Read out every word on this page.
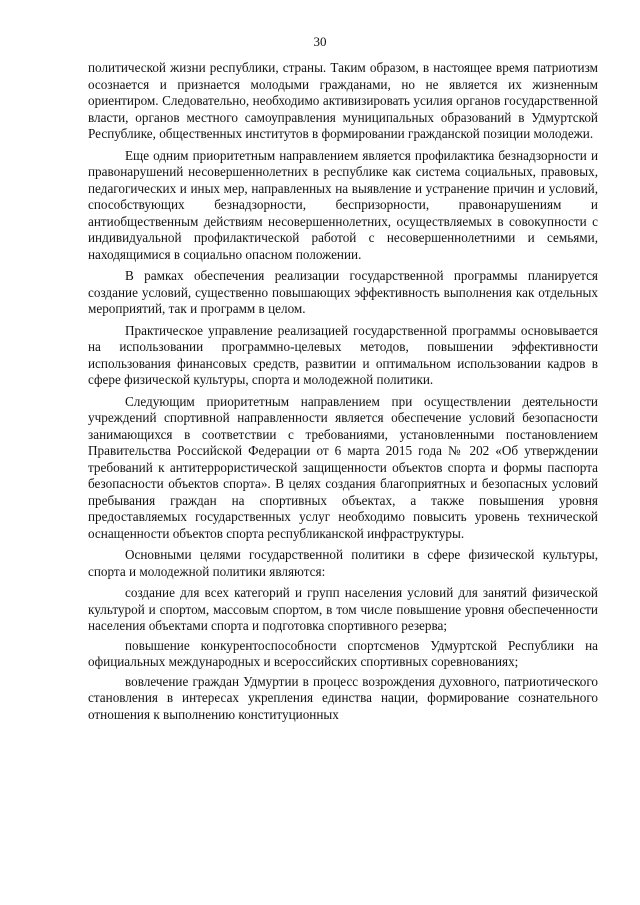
30

политической жизни республики, страны. Таким образом, в настоящее время патриотизм осознается и признается молодыми гражданами, но не является их жизненным ориентиром. Следовательно, необходимо активизировать усилия органов государственной власти, органов местного самоуправления муниципальных образований в Удмуртской Республике, общественных институтов в формировании гражданской позиции молодежи.

Еще одним приоритетным направлением является профилактика безнадзорности и правонарушений несовершеннолетних в республике как система социальных, правовых, педагогических и иных мер, направленных на выявление и устранение причин и условий, способствующих безнадзорности, беспризорности, правонарушениям и антиобщественным действиям несовершеннолетних, осуществляемых в совокупности с индивидуальной профилактической работой с несовершеннолетними и семьями, находящимися в социально опасном положении.

В рамках обеспечения реализации государственной программы планируется создание условий, существенно повышающих эффективность выполнения как отдельных мероприятий, так и программ в целом.

Практическое управление реализацией государственной программы основывается на использовании программно-целевых методов, повышении эффективности использования финансовых средств, развитии и оптимальном использовании кадров в сфере физической культуры, спорта и молодежной политики.

Следующим приоритетным направлением при осуществлении деятельности учреждений спортивной направленности является обеспечение условий безопасности занимающихся в соответствии с требованиями, установленными постановлением Правительства Российской Федерации от 6 марта 2015 года № 202 «Об утверждении требований к антитеррористической защищенности объектов спорта и формы паспорта безопасности объектов спорта». В целях создания благоприятных и безопасных условий пребывания граждан на спортивных объектах, а также повышения уровня предоставляемых государственных услуг необходимо повысить уровень технической оснащенности объектов спорта республиканской инфраструктуры.

Основными целями государственной политики в сфере физической культуры, спорта и молодежной политики являются:

создание для всех категорий и групп населения условий для занятий физической культурой и спортом, массовым спортом, в том числе повышение уровня обеспеченности населения объектами спорта и подготовка спортивного резерва;

повышение конкурентоспособности спортсменов Удмуртской Республики на официальных международных и всероссийских спортивных соревнованиях;

вовлечение граждан Удмуртии в процесс возрождения духовного, патриотического становления в интересах укрепления единства нации, формирование сознательного отношения к выполнению конституционных
